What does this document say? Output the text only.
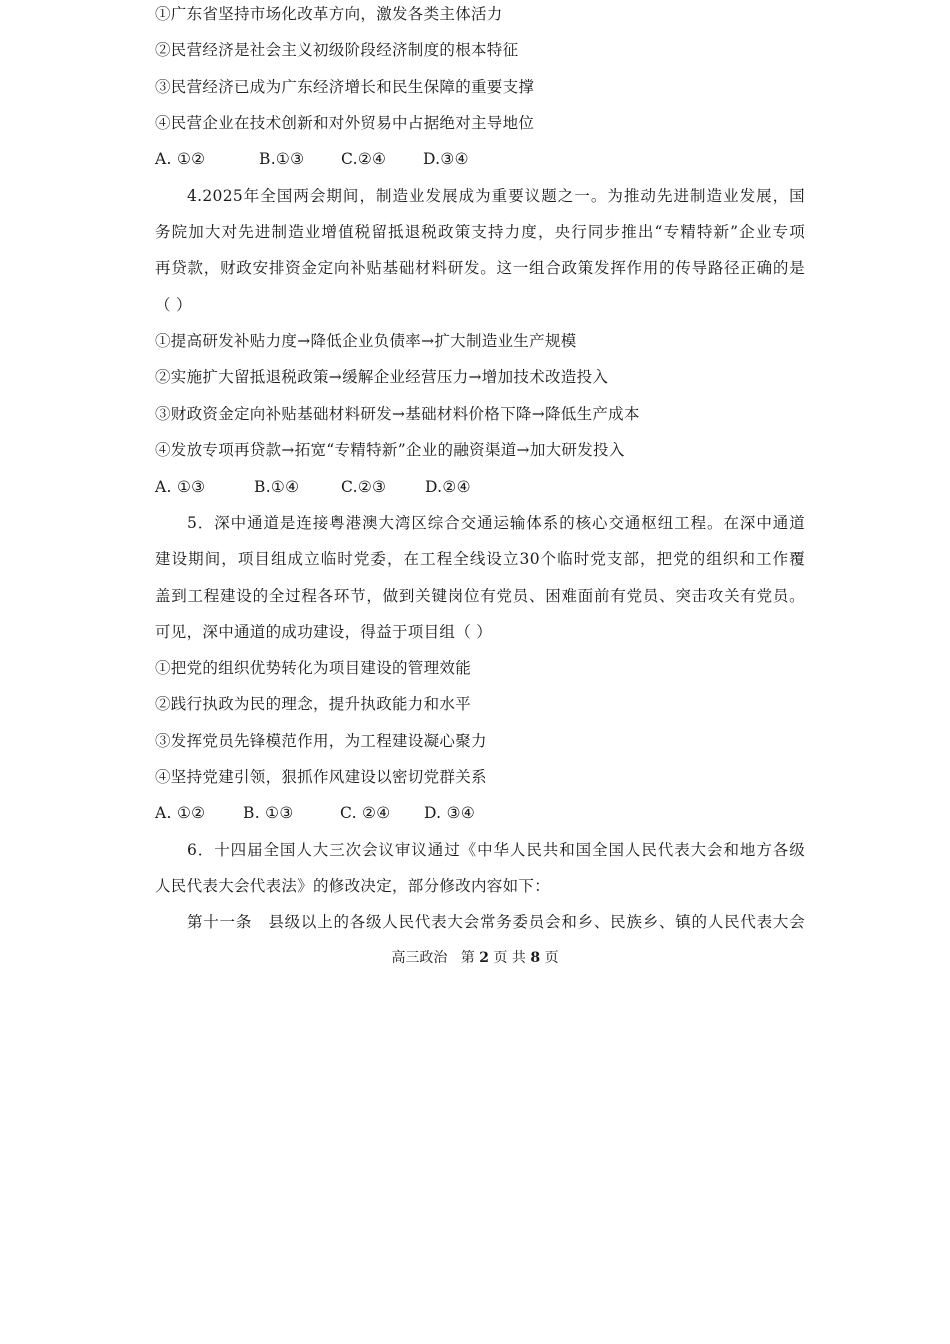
①广东省坚持市场化改革方向，激发各类主体活力
②民营经济是社会主义初级阶段经济制度的根本特征
③民营经济已成为广东经济增长和民生保障的重要支撑
④民营企业在技术创新和对外贸易中占据绝对主导地位
A. ①②	B.①③	C.②④	D.③④
4.2025年全国两会期间，制造业发展成为重要议题之一。为推动先进制造业发展，国
务院加大对先进制造业增值税留抵退税政策支持力度，央行同步推出“专精特新”企业专项
再贷款，财政安排资金定向补贴基础材料研发。这一组合政策发挥作用的传导路径正确的是
（ ）
①提高研发补贴力度→降低企业负债率→扩大制造业生产规模
②实施扩大留抵退税政策→缓解企业经营压力→增加技术改造投入
③财政资金定向补贴基础材料研发→基础材料价格下降→降低生产成本
④发放专项再贷款→拓宽“专精特新”企业的融资渠道→加大研发投入
A. ①③	B.①④	C.②③	D.②④
5．深中通道是连接粤港澳大湾区综合交通运输体系的核心交通枢纽工程。在深中通道
建设期间，项目组成立临时党委，在工程全线设立30个临时党支部，把党的组织和工作覆
盖到工程建设的全过程各环节，做到关键岗位有党员、困难面前有党员、突击攻关有党员。
可见，深中通道的成功建设，得益于项目组（ ）
①把党的组织优势转化为项目建设的管理效能
②践行执政为民的理念，提升执政能力和水平
③发挥党员先锋模范作用，为工程建设凝心聚力
④坚持党建引领，狠抓作风建设以密切党群关系
A. ①②	B. ①③	C. ②④	D. ③④
6．十四届全国人大三次会议审议通过《中华人民共和国全国人民代表大会和地方各级
人民代表大会代表法》的修改决定，部分修改内容如下：
第十一条　县级以上的各级人民代表大会常务委员会和乡、民族乡、镇的人民代表大会
高三政治 第 2 页 共 8 页
